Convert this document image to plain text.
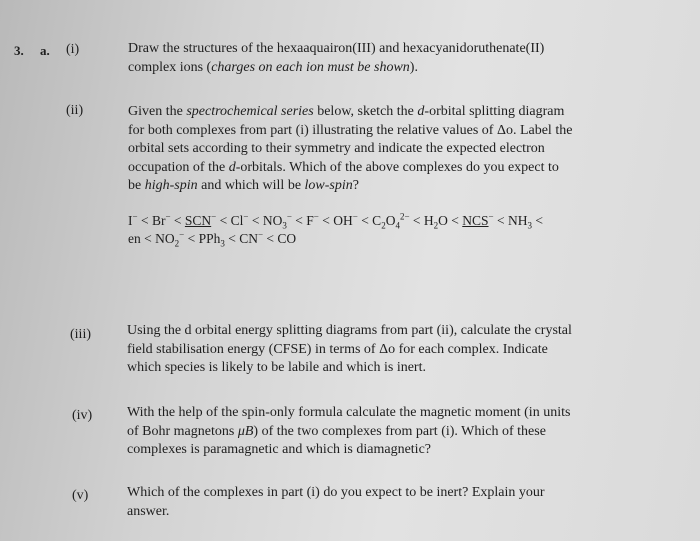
3. a. (i)	Draw the structures of the hexaaquairon(III) and hexacyanidoruthenate(II)
complex ions (charges on each ion must be shown).
(ii)	Given the spectrochemical series below, sketch the d-orbital splitting diagram
for both complexes from part (i) illustrating the relative values of Δo. Label the
orbital sets according to their symmetry and indicate the expected electron
occupation of the d-orbitals. Which of the above complexes do you expect to
be high-spin and which will be low-spin?
$I^- < Br^- < SCN^- < Cl^- < NO_3^- < F^- < OH^- < C_2O_4^{2-} < H_2O < NCS^- < NH_3$ <
en < $NO_2^- < PPh_3 < CN^-$ < CO
(iii)	Using the d orbital energy splitting diagrams from part (ii), calculate the crystal
field stabilisation energy (CFSE) in terms of Δo for each complex. Indicate
which species is likely to be labile and which is inert.
(iv) With the help of the spin-only formula calculate the magnetic moment (in units
of Bohr magnetons μB) of the two complexes from part (i). Which of these
complexes is paramagnetic and which is diamagnetic?
(v)	Which of the complexes in part (i) do you expect to be inert? Explain your
answer.
